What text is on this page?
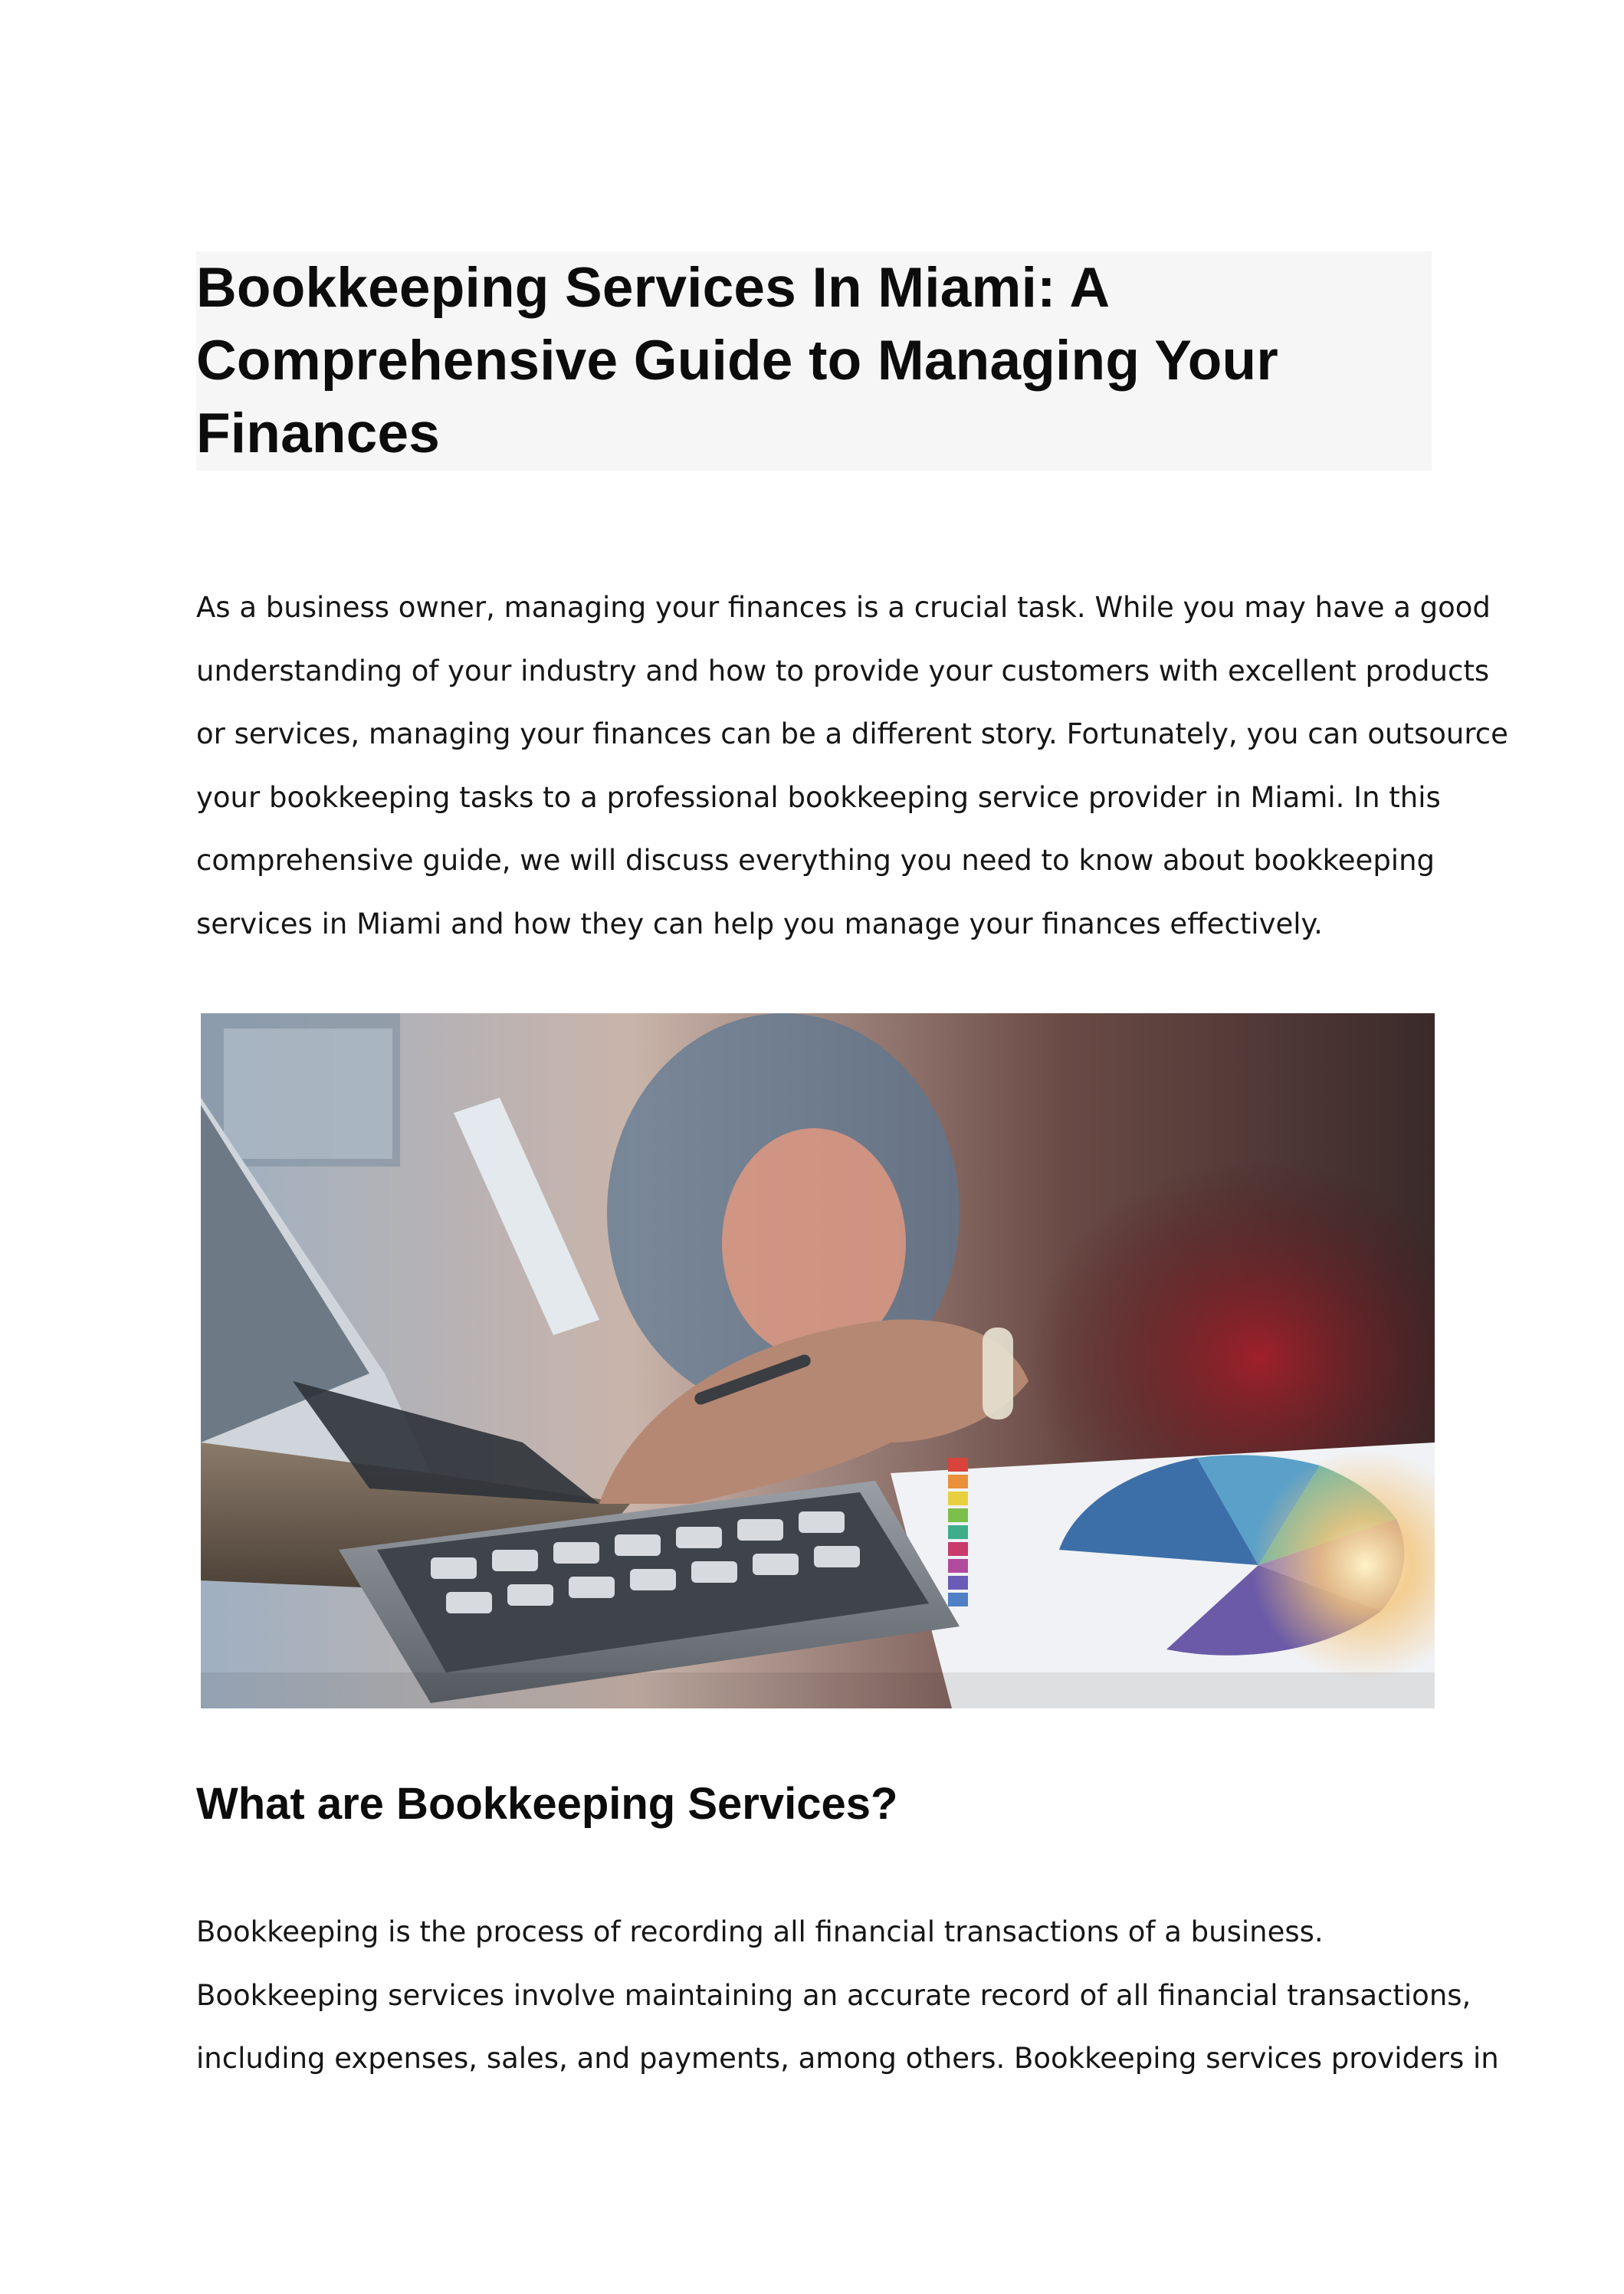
Bookkeeping Services In Miami: A
Comprehensive Guide to Managing Your
Finances

As a business owner, managing your finances is a crucial task. While you may have a good
understanding of your industry and how to provide your customers with excellent products
or services, managing your finances can be a different story. Fortunately, you can outsource
your bookkeeping tasks to a professional bookkeeping service provider in Miami. In this
comprehensive guide, we will discuss everything you need to know about bookkeeping
services in Miami and how they can help you manage your finances effectively.

What are Bookkeeping Services?

Bookkeeping is the process of recording all financial transactions of a business.
Bookkeeping services involve maintaining an accurate record of all financial transactions,
including expenses, sales, and payments, among others. Bookkeeping services providers in
